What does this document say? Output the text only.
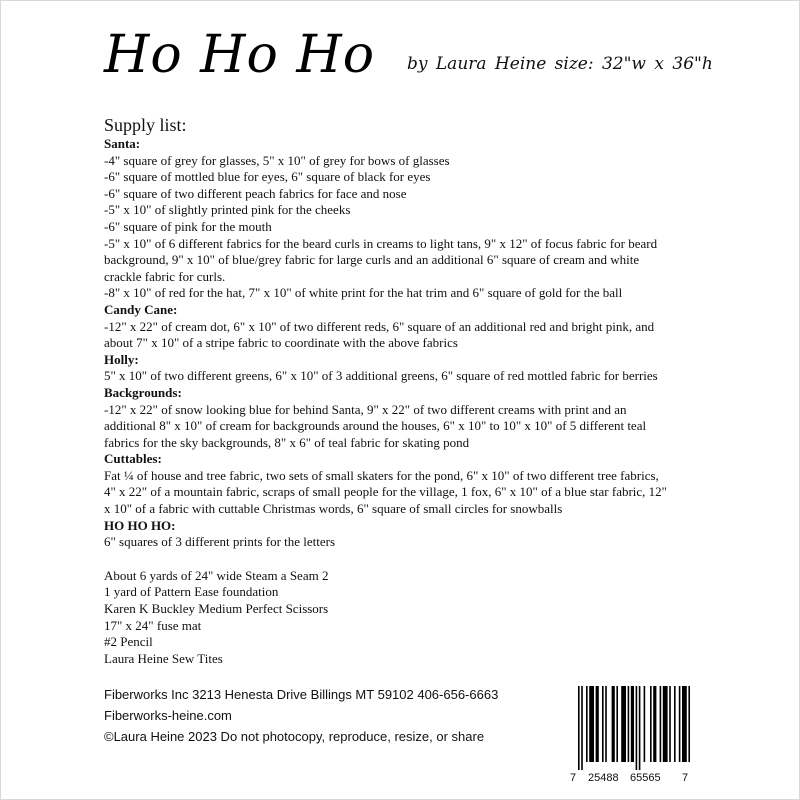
Ho Ho Ho by Laura Heine size: 32"w x 36"h
Supply list:
Santa:
-4" square of grey for glasses, 5" x 10" of grey for bows of glasses
-6" square of mottled blue for eyes, 6" square of black for eyes
-6" square of two different peach fabrics for face and nose
-5" x 10" of slightly printed pink for the cheeks
-6" square of pink for the mouth
-5" x 10" of 6 different fabrics for the beard curls in creams to light tans, 9" x 12" of focus fabric for beard
background, 9" x 10" of blue/grey fabric for large curls and an additional 6" square of cream and white
crackle fabric for curls.
-8" x 10" of red for the hat, 7" x 10" of white print for the hat trim and 6" square of gold for the ball
Candy Cane:
-12" x 22" of cream dot, 6" x 10" of two different reds, 6" square of an additional red and bright pink, and
about 7" x 10" of a stripe fabric to coordinate with the above fabrics
Holly:
5" x 10" of two different greens, 6" x 10" of 3 additional greens, 6" square of red mottled fabric for berries
Backgrounds:
-12" x 22" of snow looking blue for behind Santa, 9" x 22" of two different creams with print and an
additional 8" x 10" of cream for backgrounds around the houses, 6" x 10" to 10" x 10" of 5 different teal
fabrics for the sky backgrounds, 8" x 6" of teal fabric for skating pond
Cuttables:
Fat ¼ of house and tree fabric, two sets of small skaters for the pond, 6" x 10" of two different tree fabrics,
4" x 22" of a mountain fabric, scraps of small people for the village, 1 fox, 6" x 10" of a blue star fabric, 12"
x 10" of a fabric with cuttable Christmas words, 6" square of small circles for snowballs
HO HO HO:
6" squares of 3 different prints for the letters
About 6 yards of 24" wide Steam a Seam 2
1 yard of Pattern Ease foundation
Karen K Buckley Medium Perfect Scissors
17" x 24" fuse mat
#2 Pencil
Laura Heine Sew Tites
Fiberworks Inc 3213 Henesta Drive Billings MT 59102 406-656-6663
Fiberworks-heine.com
©Laura Heine 2023 Do not photocopy, reproduce, resize, or share
7 25488 65565 7
